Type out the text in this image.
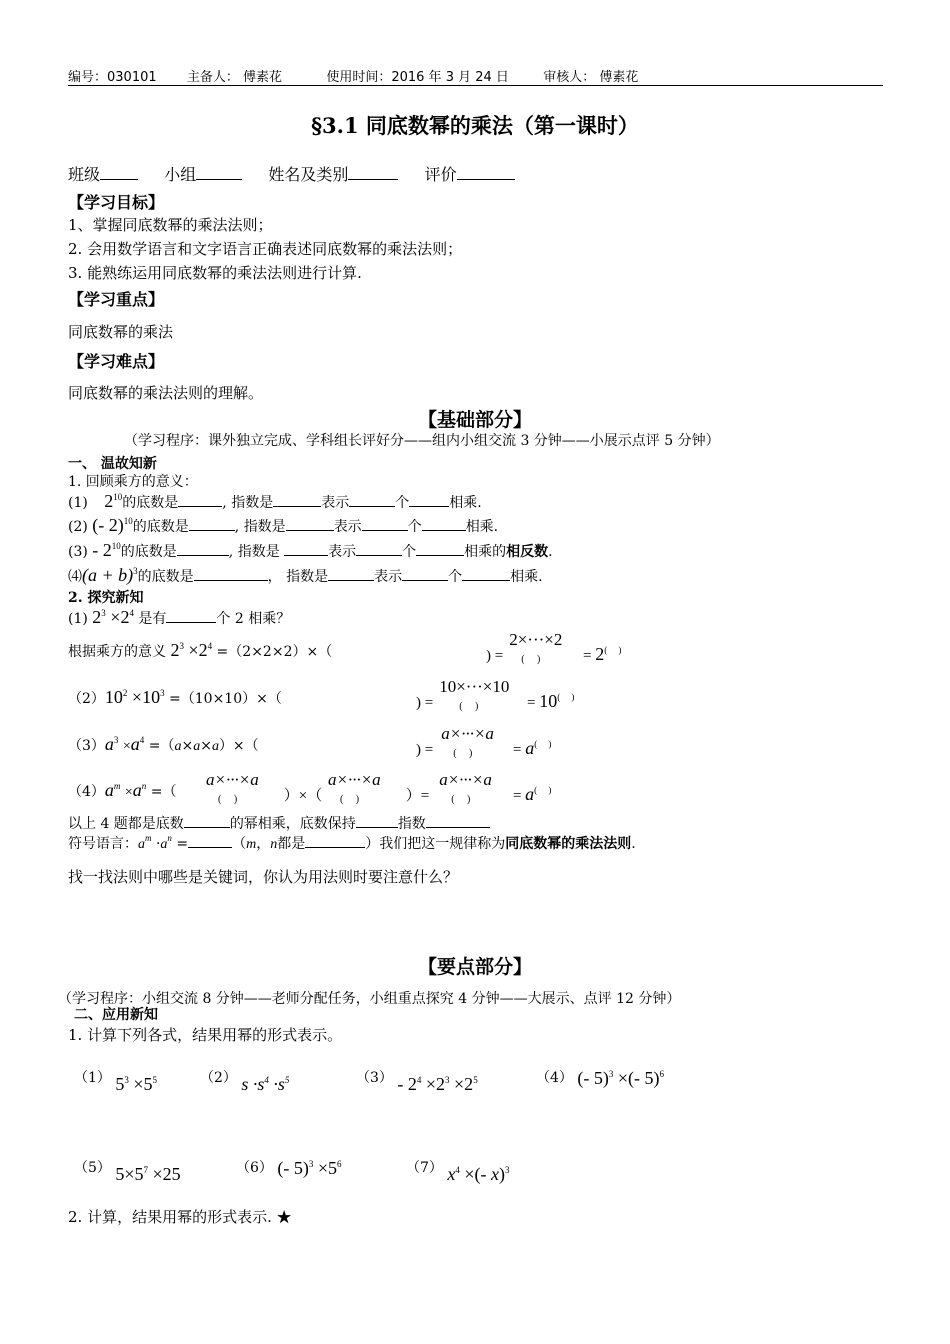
编号：030101 主备人： 傅素花	使用时间：2016 年 3 月 24 日	审核人： 傅素花
§3.1 同底数幂的乘法（第一课时）
班级	小组	姓名及类别	评价
【学习目标】
1、掌握同底数幂的乘法法则；
2. 会用数学语言和文字语言正确表述同底数幂的乘法法则；
3. 能熟练运用同底数幂的乘法法则进行计算.
【学习重点】
同底数幂的乘法
【学习难点】
同底数幂的乘法法则的理解。
【基础部分】
（学习程序：课外独立完成、学科组长评好分——组内小组交流 3 分钟——小展示点评 5 分钟）
一、 温故知新
1. 回顾乘方的意义：
(1) $2^{10}$的底数是	, 指数是	表示	个	相乘.
(2) (- 2)$^{10}$的底数是	, 指数是	表示	个	相乘.
$(3) - 2^{10}$的底数是	, 指数是	表示	个	相乘的相反数.
⑷(a + b)$^3$的底数是	， 指数是	表示	个	相乘.
2. 探究新知
(1) $2^3 \times 2^4$ 是有	个 2 相乘？
根据乘方的意义 $2^3 \times 2^4 =(2\times 2\times 2)\times$（	) =
2×···×2
(     )	= 2(     )
$(2)10^2 \times 10^3 =(10\times 10)\times$（	) =
10×···×10
(     )	= 10(     )
$(3)a^3 \times a^4 =(a\times a\times a)\times$（	) =
a×···×a
(     ) = a(     )
$(4)a^m \times a^n$ =（
a×···×a
(     )	）×（
a×···×a
(     )	）=
a×···×a
(     )	= a(     )
以上 4 题都是底数	的幂相乘，底数保持	指数
符号语言：$a^m \cdot a^n$ =	（m，n都是	）我们把这一规律称为同底数幂的乘法法则.
找一找法则中哪些是关键词，你认为用法则时要注意什么？
【要点部分】
（学习程序：小组交流 8 分钟——老师分配任务，小组重点探究 4 分钟——大展示、点评 12 分钟）
二、应用新知
1. 计算下列各式，结果用幂的形式表示。
（1） $5^3 \times 5^5$	（2） $s \cdot s^4 \cdot s^5$	$(3) - 2^4 \times 2^3 \times 2^5$	（4） (- 5)$^3$ ×(- 5)$^6$
（5） $5\times 5^7 \times 25$	（6） (- $5)^3 \times 5^6$	（7） $x^4$ ×(- x)$^3$
2. 计算，结果用幂的形式表示. ★
